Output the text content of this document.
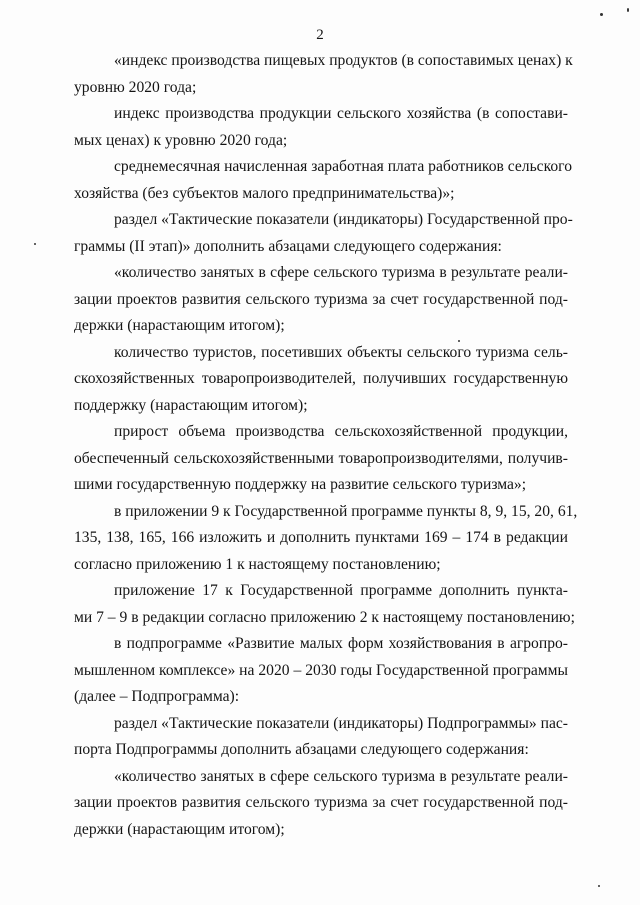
2

«индекс производства пищевых продуктов (в сопоставимых ценах) к
уровню 2020 года;

индекс производства продукции сельского хозяйства (в сопостави-
мых ценах) к уровню 2020 года;

среднемесячная начисленная заработная плата работников сельского
хозяйства (без субъектов малого предпринимательства)»;

раздел «Тактические показатели (индикаторы) Государственной про-
граммы (II этап)» дополнить абзацами следующего содержания:

«количество занятых в сфере сельского туризма в результате реали-
зации проектов развития сельского туризма за счет государственной под-
держки (нарастающим итогом);

количество туристов, посетивших объекты сельского туризма сель-
скохозяйственных товаропроизводителей, получивших государственную
поддержку (нарастающим итогом);

прирост объема производства сельскохозяйственной продукции,
обеспеченный сельскохозяйственными товаропроизводителями, получив-
шими государственную поддержку на развитие сельского туризма»;

в приложении 9 к Государственной программе пункты 8, 9, 15, 20, 61,
135, 138, 165, 166 изложить и дополнить пунктами 169 – 174 в редакции
согласно приложению 1 к настоящему постановлению;

приложение 17 к Государственной программе дополнить пункта-
ми 7 – 9 в редакции согласно приложению 2 к настоящему постановлению;

в подпрограмме «Развитие малых форм хозяйствования в агропро-
мышленном комплексе» на 2020 – 2030 годы Государственной программы
(далее – Подпрограмма):

раздел «Тактические показатели (индикаторы) Подпрограммы» пас-
порта Подпрограммы дополнить абзацами следующего содержания:

«количество занятых в сфере сельского туризма в результате реали-
зации проектов развития сельского туризма за счет государственной под-
держки (нарастающим итогом);
